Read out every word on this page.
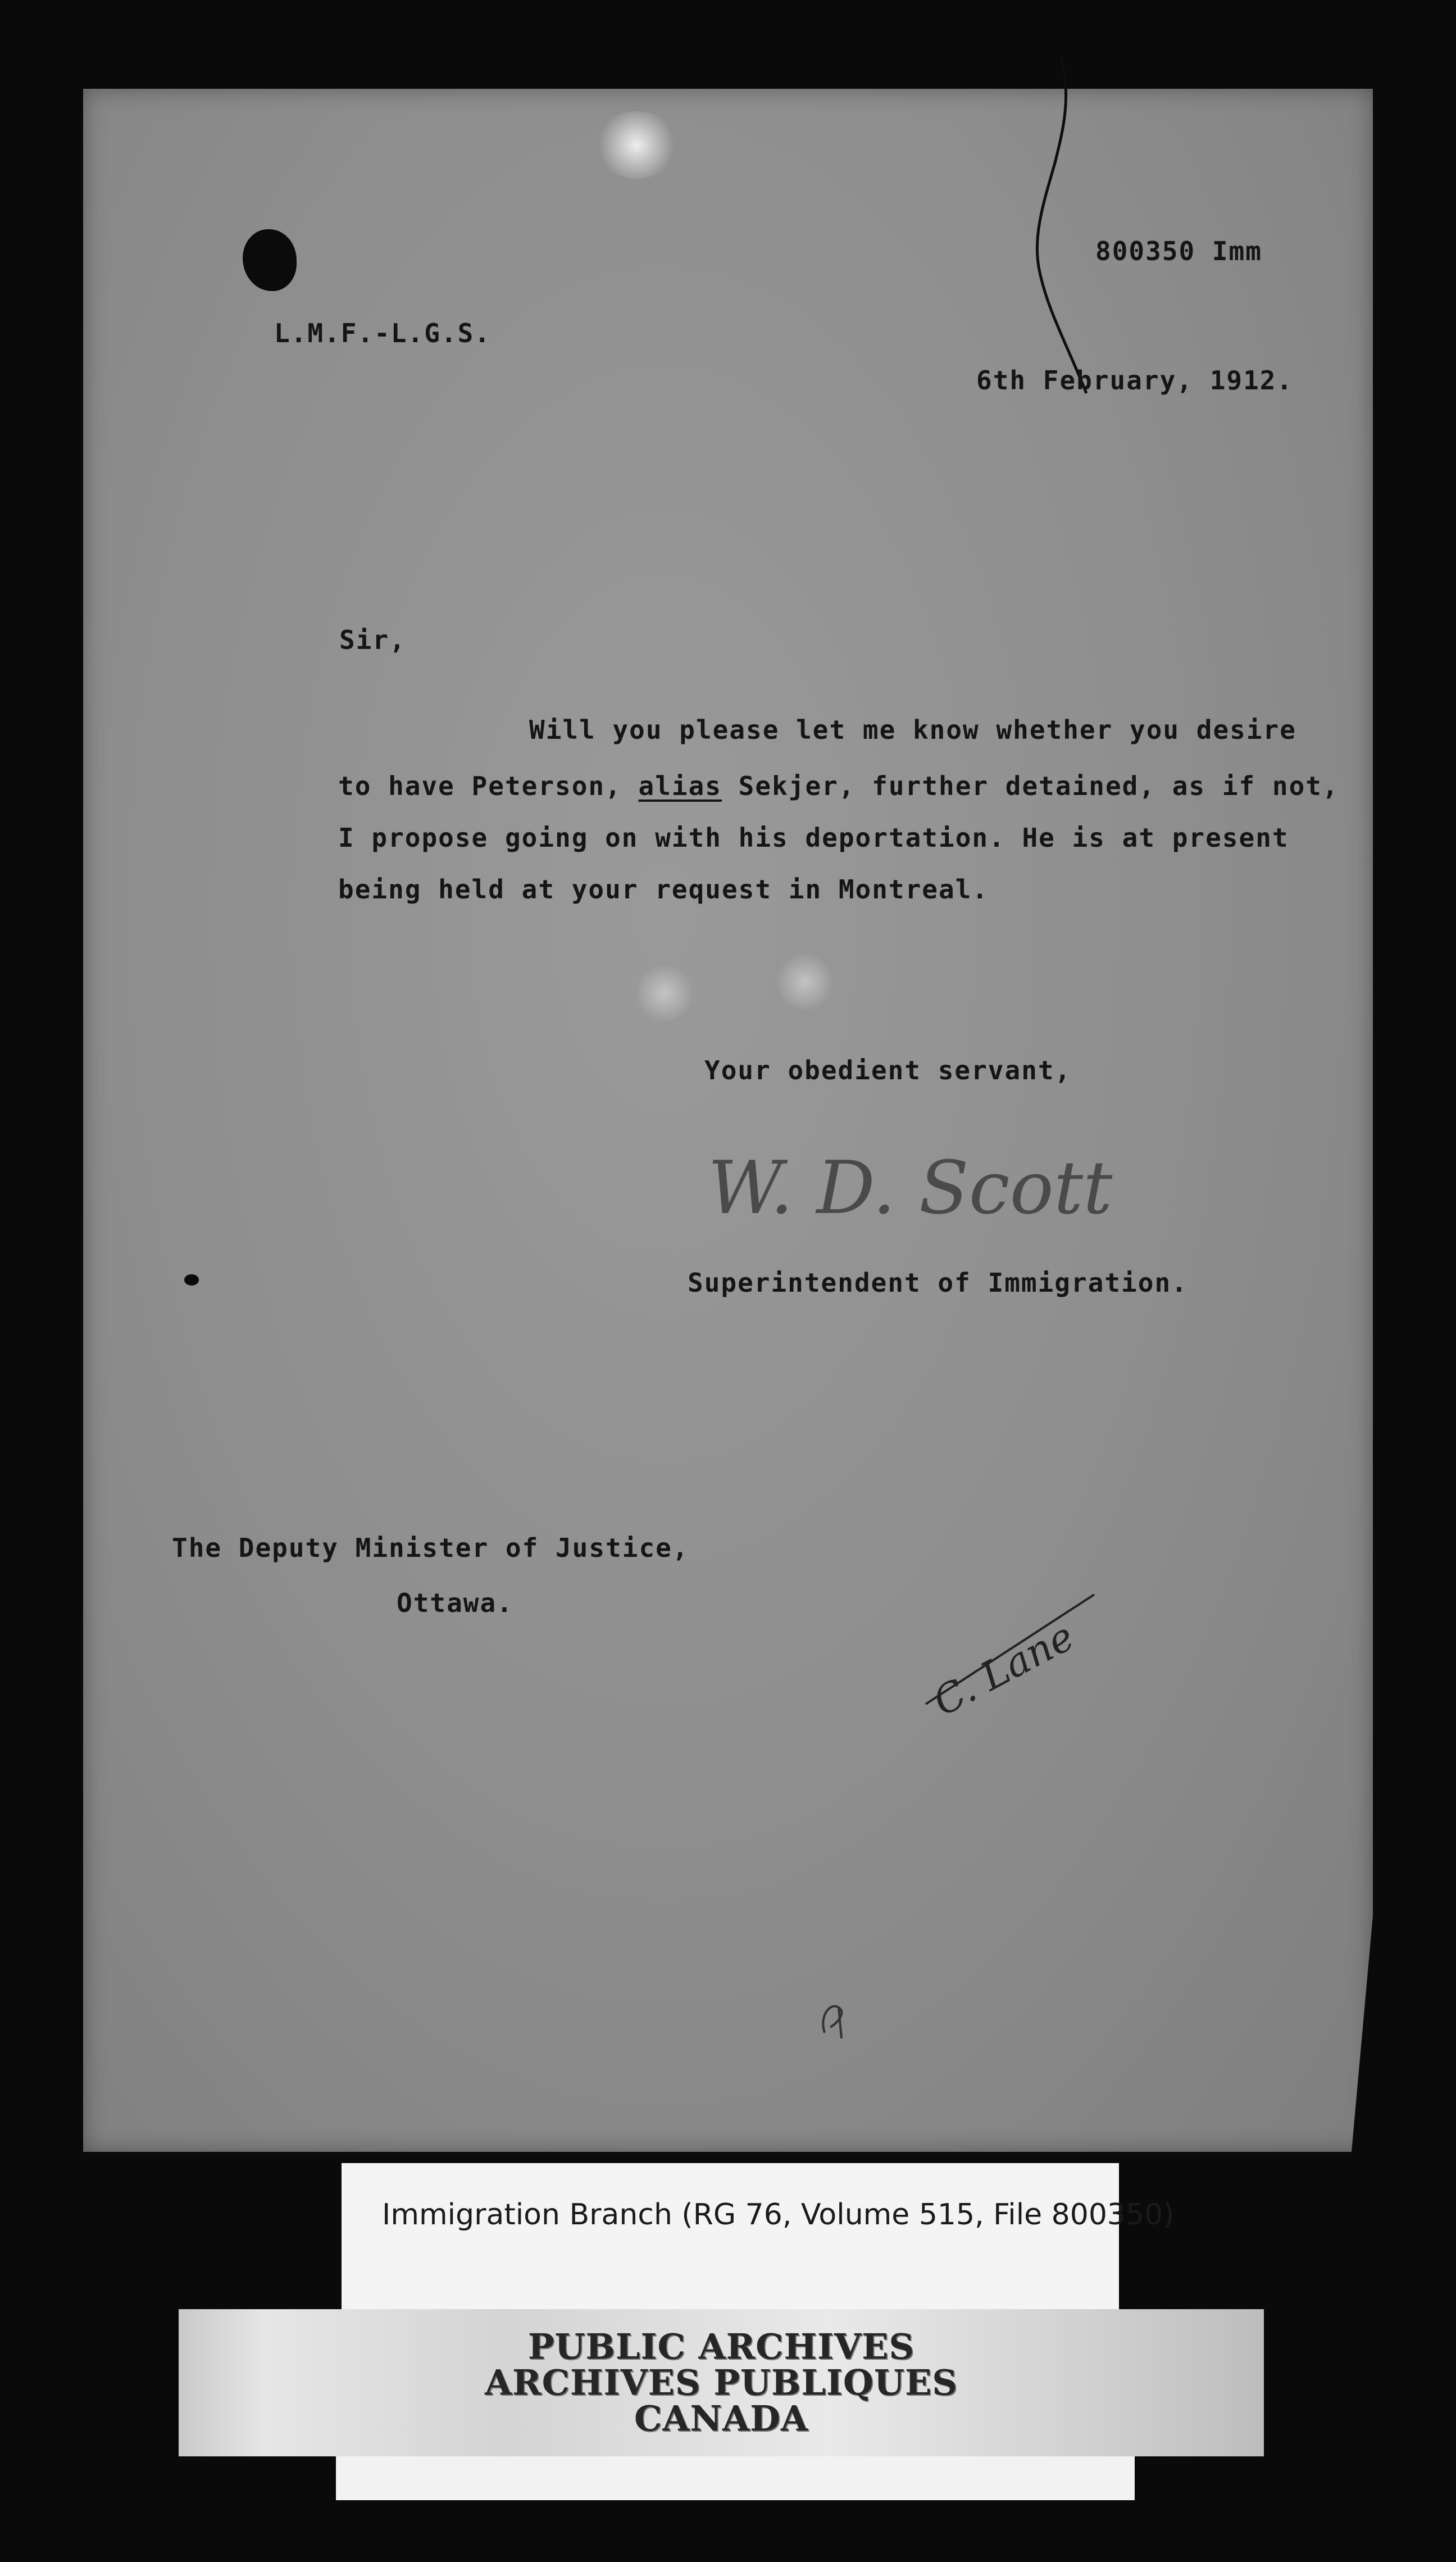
800350 Imm
L.M.F.-L.G.S.
6th February, 1912.
Sir,
Will you please let me know whether you desire
to have Peterson, alias Sekjer, further detained, as if not,
I propose going on with his deportation. He is at present
being held at your request in Montreal.
Your obedient servant,
W. D. Scott
Superintendent of Immigration.
The Deputy Minister of Justice,
Ottawa.
C. Lane
Immigration Branch (RG 76, Volume 515, File 800350)
PUBLIC ARCHIVES
ARCHIVES PUBLIQUES
CANADA
